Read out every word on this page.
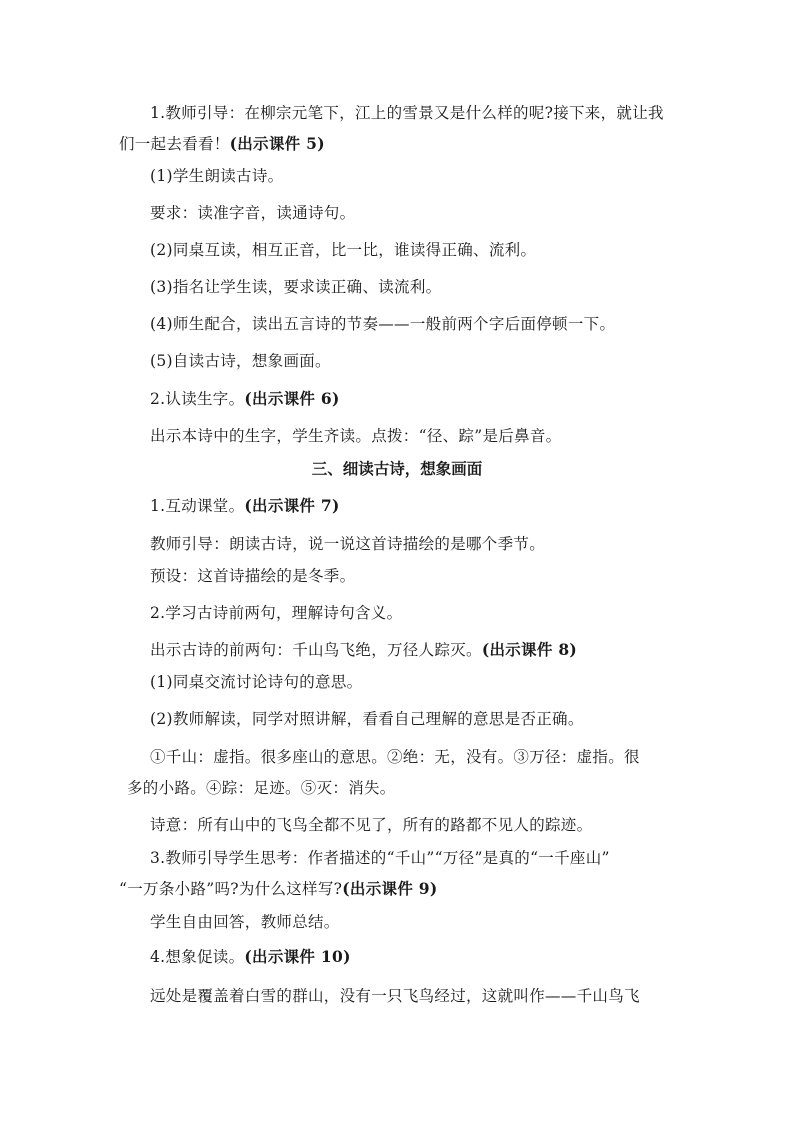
1.教师引导：在柳宗元笔下，江上的雪景又是什么样的呢?接下来，就让我
们一起去看看！(出示课件 5)
(1)学生朗读古诗。
要求：读准字音，读通诗句。
(2)同桌互读，相互正音，比一比，谁读得正确、流利。
(3)指名让学生读，要求读正确、读流利。
(4)师生配合，读出五言诗的节奏——一般前两个字后面停顿一下。
(5)自读古诗，想象画面。
2.认读生字。(出示课件 6)
出示本诗中的生字，学生齐读。点拨：“径、踪”是后鼻音。
三、细读古诗，想象画面
1.互动课堂。(出示课件 7)
教师引导：朗读古诗，说一说这首诗描绘的是哪个季节。
预设：这首诗描绘的是冬季。
2.学习古诗前两句，理解诗句含义。
出示古诗的前两句：千山鸟飞绝，万径人踪灭。(出示课件 8)
(1)同桌交流讨论诗句的意思。
(2)教师解读，同学对照讲解，看看自己理解的意思是否正确。
①千山：虚指。很多座山的意思。②绝：无，没有。③万径：虚指。很
多的小路。④踪：足迹。⑤灭：消失。
诗意：所有山中的飞鸟全都不见了，所有的路都不见人的踪迹。
3.教师引导学生思考：作者描述的“千山”“万径”是真的“一千座山”
“一万条小路”吗?为什么这样写?(出示课件 9)
学生自由回答，教师总结。
4.想象促读。(出示课件 10)
远处是覆盖着白雪的群山，没有一只飞鸟经过，这就叫作——千山鸟飞
